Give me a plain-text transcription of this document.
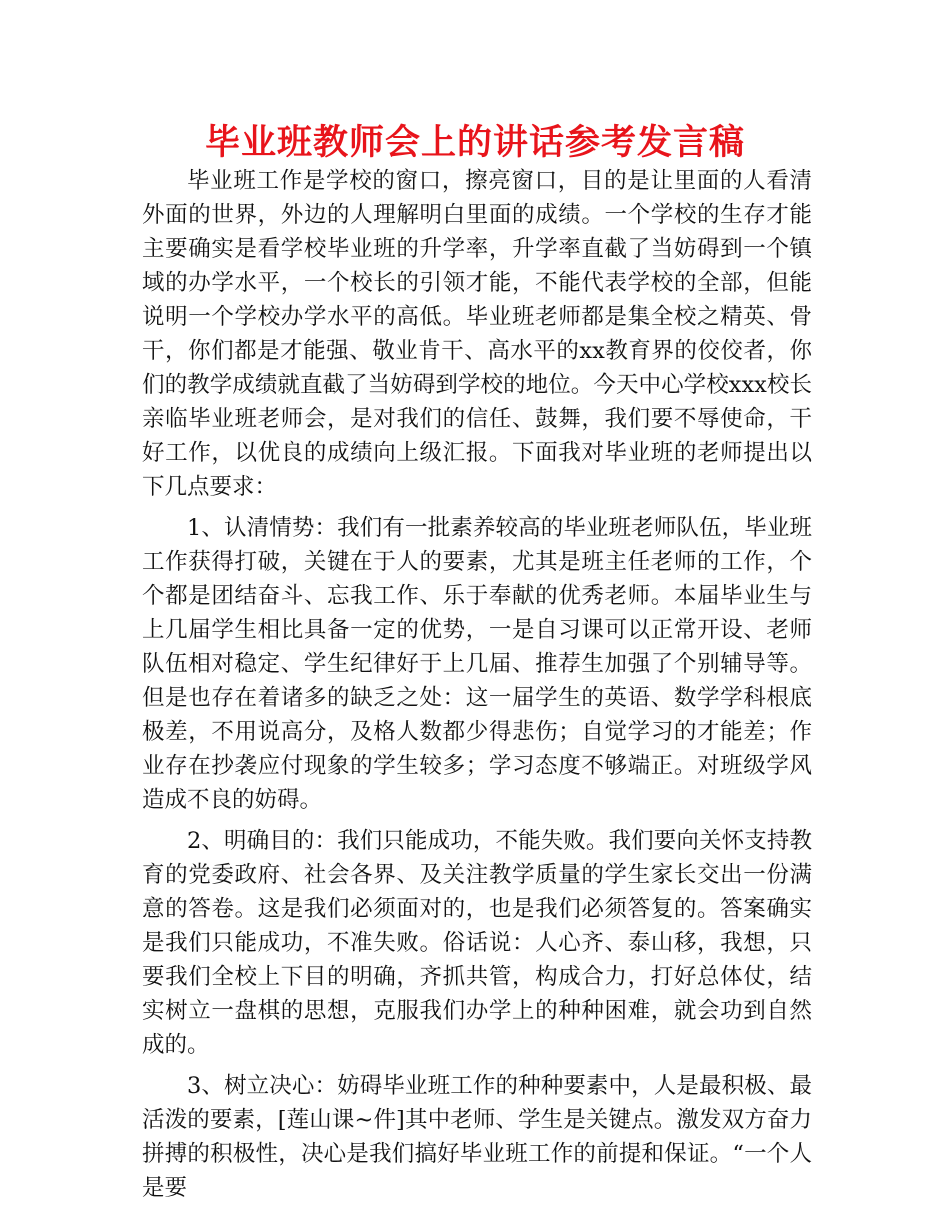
毕业班教师会上的讲话参考发言稿

毕业班工作是学校的窗口，擦亮窗口，目的是让里面的人看清外面的世界，外边的人理解明白里面的成绩。一个学校的生存才能主要确实是看学校毕业班的升学率，升学率直截了当妨碍到一个镇域的办学水平，一个校长的引领才能，不能代表学校的全部，但能说明一个学校办学水平的高低。毕业班老师都是集全校之精英、骨干，你们都是才能强、敬业肯干、高水平的xx教育界的佼佼者，你们的教学成绩就直截了当妨碍到学校的地位。今天中心学校xxx校长亲临毕业班老师会，是对我们的信任、鼓舞，我们要不辱使命，干好工作，以优良的成绩向上级汇报。下面我对毕业班的老师提出以下几点要求：

1、认清情势：我们有一批素养较高的毕业班老师队伍，毕业班工作获得打破，关键在于人的要素，尤其是班主任老师的工作，个个都是团结奋斗、忘我工作、乐于奉献的优秀老师。本届毕业生与上几届学生相比具备一定的优势，一是自习课可以正常开设、老师队伍相对稳定、学生纪律好于上几届、推荐生加强了个别辅导等。但是也存在着诸多的缺乏之处：这一届学生的英语、数学学科根底极差，不用说高分，及格人数都少得悲伤；自觉学习的才能差；作业存在抄袭应付现象的学生较多；学习态度不够端正。对班级学风造成不良的妨碍。

2、明确目的：我们只能成功，不能失败。我们要向关怀支持教育的党委政府、社会各界、及关注教学质量的学生家长交出一份满意的答卷。这是我们必须面对的，也是我们必须答复的。答案确实是我们只能成功，不准失败。俗话说：人心齐、泰山移，我想，只要我们全校上下目的明确，齐抓共管，构成合力，打好总体仗，结实树立一盘棋的思想，克服我们办学上的种种困难，就会功到自然成的。

3、树立决心：妨碍毕业班工作的种种要素中，人是最积极、最活泼的要素，[莲山课~件]其中老师、学生是关键点。激发双方奋力拼搏的积极性，决心是我们搞好毕业班工作的前提和保证。“一个人是要
